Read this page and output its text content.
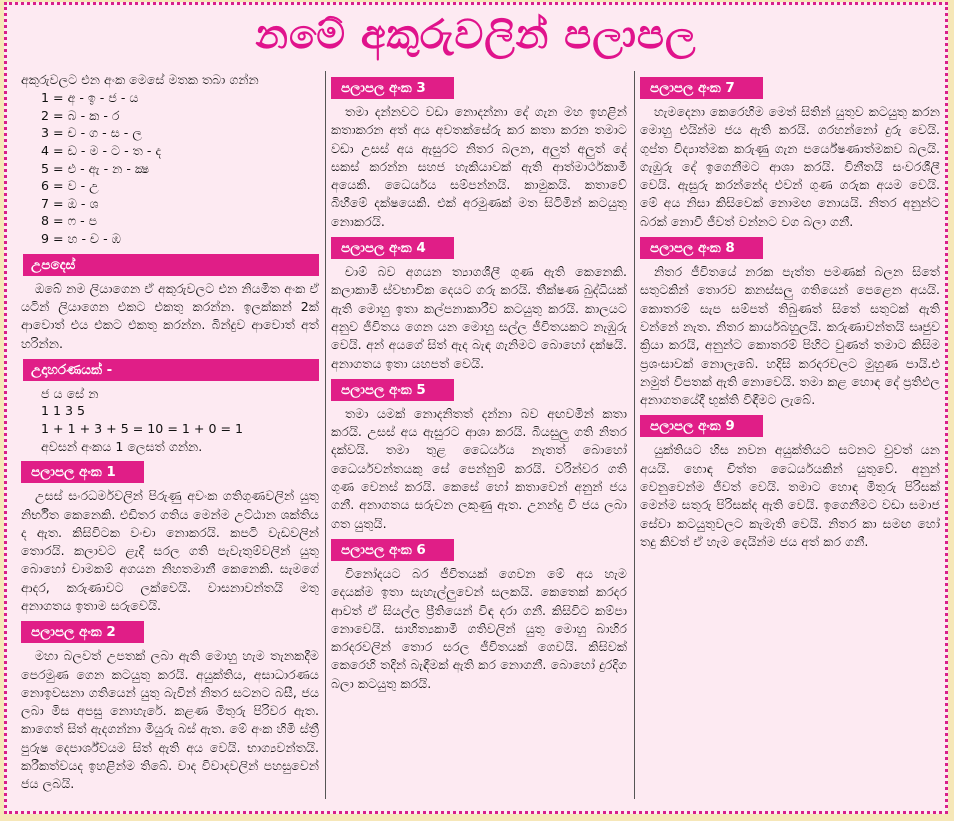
නමේ අකුරුවලින් පලාපල

අකුරුවලට එන අංක මෙසේ මතක තබා ගන්න

1 = අ - ඉ - ජ - ය
2 = බ - ක - ර
3 = ච - ග - ස - ල
4 = ඩ - ම - ට - ත - ද
5 = එ - ඇ - න - ක්‍ෂ
6 = ව - උ
7 = ඔ - ශ
8 = ෆ - ප
9 = හ - ච - ඹ
උපදෙස්

ඔබේ නම ලියාගෙන ඒ අකුරුවලට එන නියමිත අංක ඒ යටින් ලියාගෙන එකට එකතු කරන්න. ඉලක්කන් 2ක් ආවොත් එය එකට එකතු කරන්න. බින්දුව ආවොත් අත් හරින්න.

උදාහරණයක් -
ජ ය සේ න
1 1 3 5
1 + 1 + 3 + 5 = 10 = 1 + 0 = 1
අවසන් අංකය 1 ලෙසත් ගන්න.
පලාපල අංක 1

උසස් සංරධර්මවලින් පිරුණු අවංක ගතිගුණවලින් යුතු නිර්භීත කෙනෙකි. එඩිතර ගතිය මෙන්ම උට්ඨාන ශක්තිය ද ඇත. කිසිවිටක වංචා නොකරයි. කපටි වැඩවලින් තොරයි. කලාවට ළැදි සරල ගති පැවැතුම්වලින් යුතු බොහෝ චාමකම් අගයන නිහතමානී කෙනෙකි. සැමගේ ආදර, කරුණාවට ලක්වෙයි. වාසනාවන්තයි මතු අනාගතය ඉතාම සරුවෙයි.

පලාපල අංක 2

මහා බලවත් උපතක් ලබා ඇති මොහු හැම තැනකදීම පෙරමුණ ගෙන කටයුතු කරයි. අයුක්තිය, අසාධාරණය නොඉවසනා ගතියෙන් යුතු බැවින් නිතර සටනට බසී, ජය ලබා මිස අපසු නොහැරේ. කළණ මිතුරු පිරිවර ඇත. කාගෙත් සිත් ඇදගන්නා මියුරු බස් ඇත. මේ අංක හිමි ස්ත්‍රී පුරුෂ දෙපාර්ශ්වයම සිත් ඇති අය වෙයි. භාග්‍යවන්තයි. කරීකත්වයද ඉහළින්ම තිබේ. වාද විවාදවලින් පහසුවෙන් ජය ලබයි.

පලාපල අංක 3

තමා දන්නවට වඩා නොදන්නා දේ ගැන මහ ඉහළින් කතාකරන අත් අය අවතක්සේරු කර කතා කරන තමාට වඩා උසස් අය ඇසුරට නිතර බලන, අලුත් අලුත් දේ සකස් කරන්න සහජ හැකියාවක් ඇති ආත්මාර්ථකාමී අයෙකි. ධෛර්යය සම්පන්නයි. කාමුකයි. කතාවේ බිහීමේ දක්ෂයෙකි. එක් අරමුණක් මත සිටිමින් කටයුතු නොකරයි.

පලාපල අංක 4

චාම් බව අගයන ත්‍යාගශීලී ගුණ ඇති කෙනෙකි. කලාකාමී ස්වභාවික දෙයට ගරු කරයි. තීක්ෂණ බුද්ධියක් ඇති මොහු ඉතා කල්පනාකාරීව කටයුතු කරයි. කාලයට අනුව ජීවිතය ගෙන යන මොහු සල්ල ජීවිතයකට නැඹුරු වෙයි. අන් අයගේ සිත් ඇද බැඳ ගැනිමට බොහෝ දක්ෂයි. අනාගතය ඉතා යහපත් වෙයි.

පලාපල අංක 5

තමා යමක් නොදනිතත් දන්නා බව අඟවමින් කතා කරයි. උසස් අය ඇසුරට ආශා කරයි. බියසුලු ගති නිතර දක්වයි. තමා තුළ ධෛර්යය නැතත් බොහෝ ධෛර්යවන්තයකු සේ පෙන්නුම් කරයි. වරින්වර ගති ගුණ වෙනස් කරයි. කෙසේ හෝ කතාවෙන් අනුන් ජය ගනී. අනාගතය සරුවන ලකුණු ඇත. උනන්දු වී ජය ලබා ගත යුතුයි.

පලාපල අංක 6

විනෝදයට බර ජීවිතයක් ගෙවන මේ අය හැම දෙයක්ම ඉතා සැහැල්ලුවෙන් සලකයි. කෙතෙක් කරදර ආවත් ඒ සියල්ල ප්‍රීතියෙන් විඳ දරා ගනී. කිසිවිට කම්පා නොවෙයි. සාහිත්‍යකාමී ගතිවලින් යුතු මොහු බාහිර කරදරවලින් තොර සරල ජීවිතයක් ගෙවයි. කිසිවක් කෙරෙහි තදින් බැඳීමක් ඇති කර නොගනී. බොහෝ දුරදිග බලා කටයුතු කරයි.

පලාපල අංක 7

හැමදෙනා කෙරෙහිම මෙත් සිතින් යුතුව කටයුතු කරන මොහු එයින්ම ජය ඇති කරයි. ගරහන්නෝ දුරු වෙයි. ගුප්ත විද්‍යාත්මක කරුණු ගැන පර්යේෂණාත්මකව බලයි. ගැඹුරු දේ ඉගෙනීමට ආශා කරයි. විනීතයි සංවරශීලී වෙයි. ඇසුරු කරන්නේද එවන් ගුණ ගරුක අයම වෙයි. මේ අය නිසා කිසිවෙක් නොමඟ නොයයි. නිතර අනුන්ට බරක් නොවී ජීවත් වන්නට වග බලා ගනී.

පලාපල අංක 8

නිතර ජීවිතයේ නරක පැත්ත පමණක් බලන සිතේ සතුටකින් තොරව කනස්සලු ගතියෙන් පෙළෙන අයයි. කොතරම් සැප සම්පත් තිබුණත් සිතේ සතුටක් ඇති වන්නේ නැත. නිතර කාර්යබහුලයි. කරුණාවන්තයි සෘජුව ක්‍රියා කරයි, අනුන්ට කොතරම් පිහිට වුණත් තමාට කිසිම ප්‍රශංසාවක් නොලැබේ. හදිසි කරදරවලට මුහුණ පායි.එ නමුත් විපතක් ඇති නොවෙයි. තමා කළ හොඳ දේ ප්‍රතිඵල අනාගතයේදී භුක්ති විඳීමට ලැබේ.

පලාපල අංක 9

යුක්තියට හිස නවන අයුක්තියට සටනට වුවත් යන අයයි. හොඳ චිත්ත ධෛර්යයකින් යුතුවේ. අනුන් වෙනුවෙන්ම ජීවත් වෙයි. තමාට හොඳ මිතුරු පිරිසක් මෙන්ම සතුරු පිරිසක්ද ඇති වෙයි. ඉගෙනීමට වඩා සමාජ සේවා කටයුතුවලට කැමැති වෙයි. නිතර කා සමඟ හෝ තදු කිවත් ඒ හැම දෙයින්ම ජය අත් කර ගනී.
